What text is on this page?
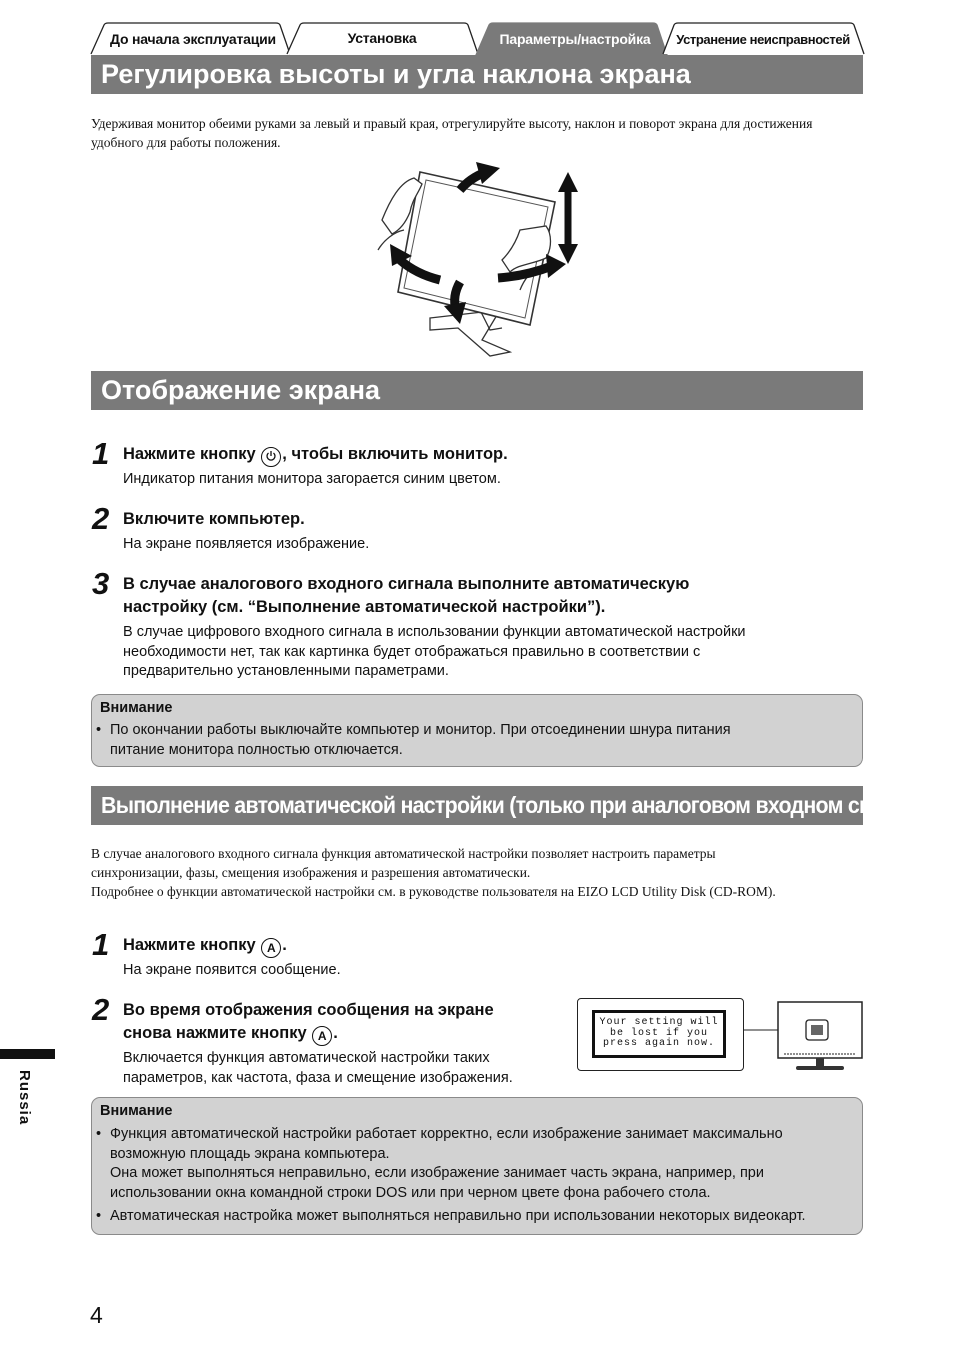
До начала эксплуатации	Установка	Параметры/настройка	Устранение неисправностей
Регулировка высоты и угла наклона экрана
Удерживая монитор обеими руками за левый и правый края, отрегулируйте высоту, наклон и поворот экрана для достижения удобного для работы положения.
Отображение экрана
1 Нажмите кнопку , чтобы включить монитор.
Индикатор питания монитора загорается синим цветом.
2 Включите компьютер.
На экране появляется изображение.
3 В случае аналогового входного сигнала выполните автоматическую
настройку (см. “Выполнение автоматической настройки”).
В случае цифрового входного сигнала в использовании функции автоматической настройки
необходимости нет, так как картинка будет отображаться правильно в соответствии с
предварительно установленными параметрами.
Внимание
• По окончании работы выключайте компьютер и монитор. При отсоединении шнура питания
питание монитора полностью отключается.
Выполнение автоматической настройки (только при аналоговом входном сигнале)
В случае аналогового входного сигнала функция автоматической настройки позволяет настроить параметры
синхронизации, фазы, смещения изображения и разрешения автоматически.
Подробнее о функции автоматической настройки см. в руководстве пользователя на EIZO LCD Utility Disk (CD-ROM).
1 Нажмите кнопку A .
На экране появится сообщение.
2 Во время отображения сообщения на экране
снова нажмите кнопку A .
Включается функция автоматической настройки таких
параметров, как частота, фаза и смещение изображения.
Your setting will
be lost if you
press again now.
Внимание
• Функция автоматической настройки работает корректно, если изображение занимает максимально
возможную площадь экрана компьютера.
Она может выполняться неправильно, если изображение занимает часть экрана, например, при
использовании окна командной строки DOS или при черном цвете фона рабочего стола.
• Автоматическая настройка может выполняться неправильно при использовании некоторых видеокарт.
Russia
4
